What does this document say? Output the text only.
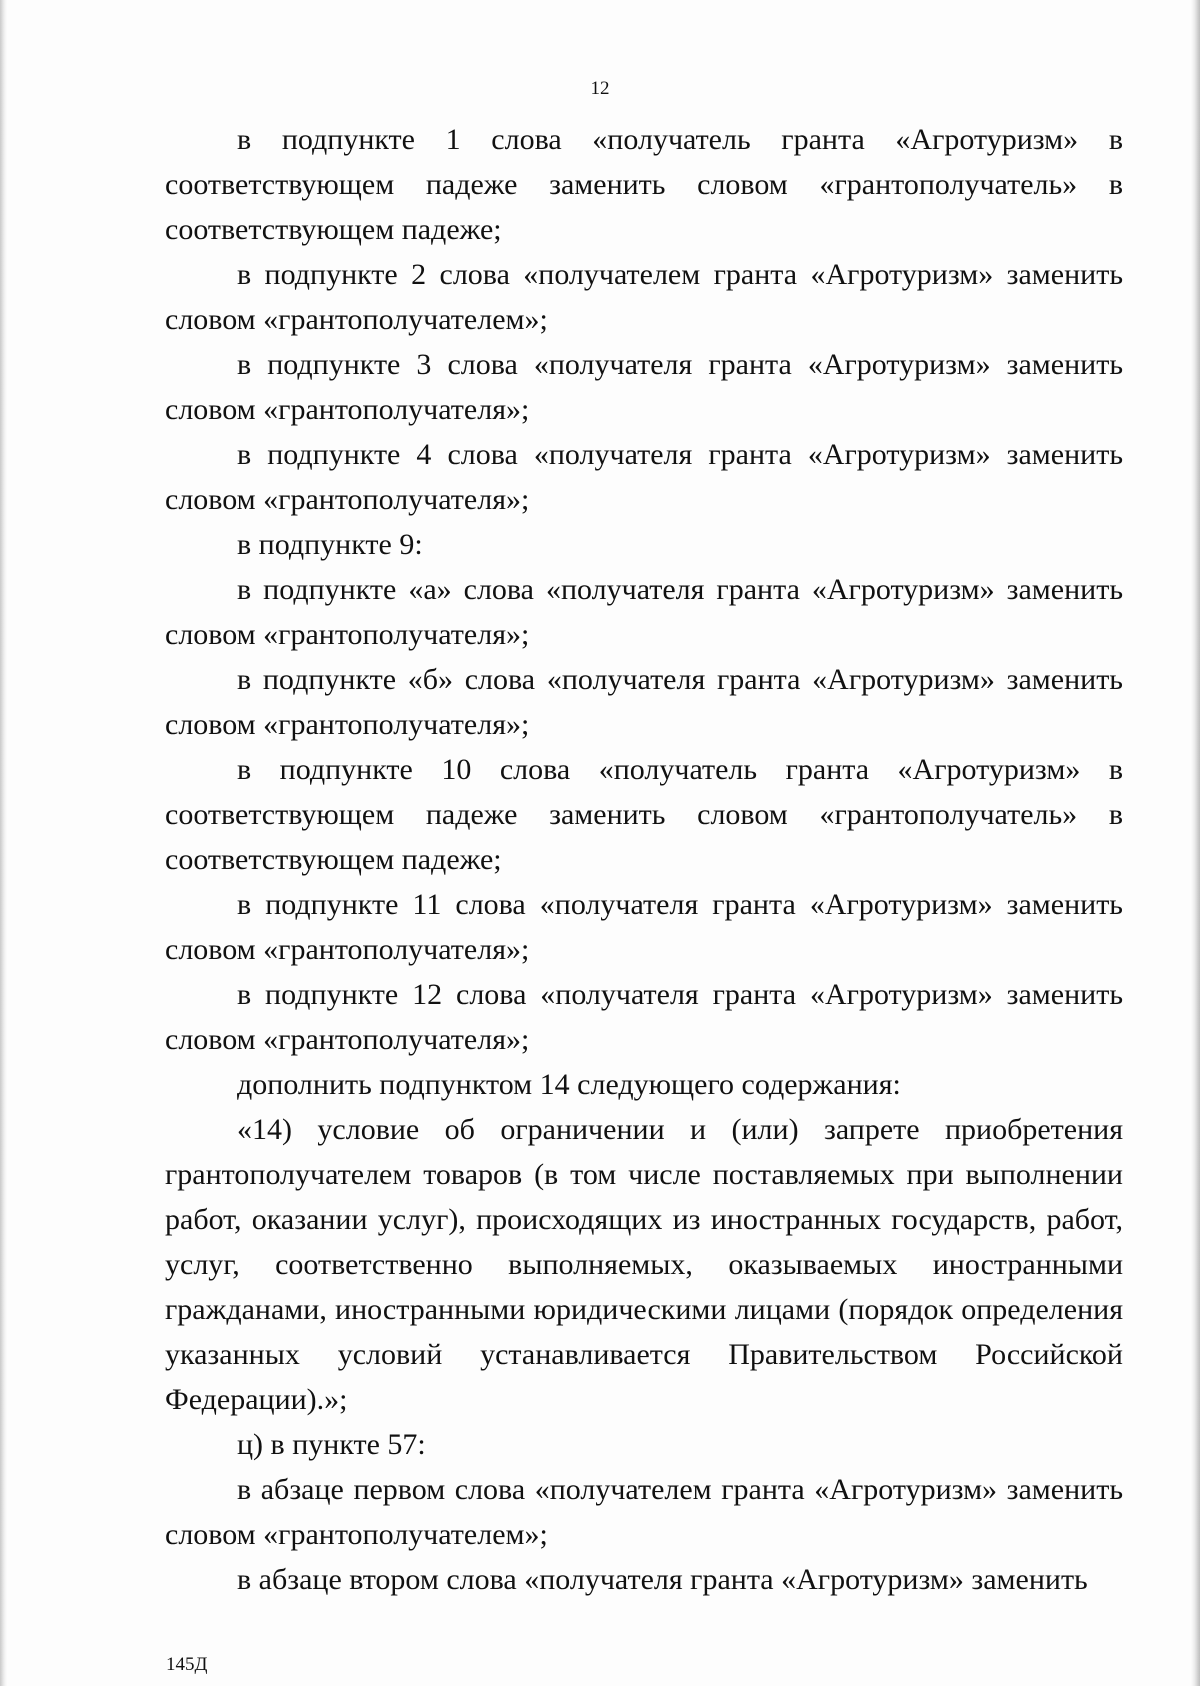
12

в подпункте 1 слова «получатель гранта «Агротуризм» в соответствующем падеже заменить словом «грантополучатель» в соответствующем падеже;

в подпункте 2 слова «получателем гранта «Агротуризм» заменить словом «грантополучателем»;

в подпункте 3 слова «получателя гранта «Агротуризм» заменить словом «грантополучателя»;

в подпункте 4 слова «получателя гранта «Агротуризм» заменить словом «грантополучателя»;

в подпункте 9:

в подпункте «а» слова «получателя гранта «Агротуризм» заменить словом «грантополучателя»;

в подпункте «б» слова «получателя гранта «Агротуризм» заменить словом «грантополучателя»;

в подпункте 10 слова «получатель гранта «Агротуризм» в соответствующем падеже заменить словом «грантополучатель» в соответствующем падеже;

в подпункте 11 слова «получателя гранта «Агротуризм» заменить словом «грантополучателя»;

в подпункте 12 слова «получателя гранта «Агротуризм» заменить словом «грантополучателя»;

дополнить подпунктом 14 следующего содержания:

«14) условие об ограничении и (или) запрете приобретения грантополучателем товаров (в том числе поставляемых при выполнении работ, оказании услуг), происходящих из иностранных государств, работ, услуг, соответственно выполняемых, оказываемых иностранными гражданами, иностранными юридическими лицами (порядок определения указанных условий устанавливается Правительством Российской Федерации).»;

ц) в пункте 57:

в абзаце первом слова «получателем гранта «Агротуризм» заменить словом «грантополучателем»;

в абзаце втором слова «получателя гранта «Агротуризм» заменить

145Д
